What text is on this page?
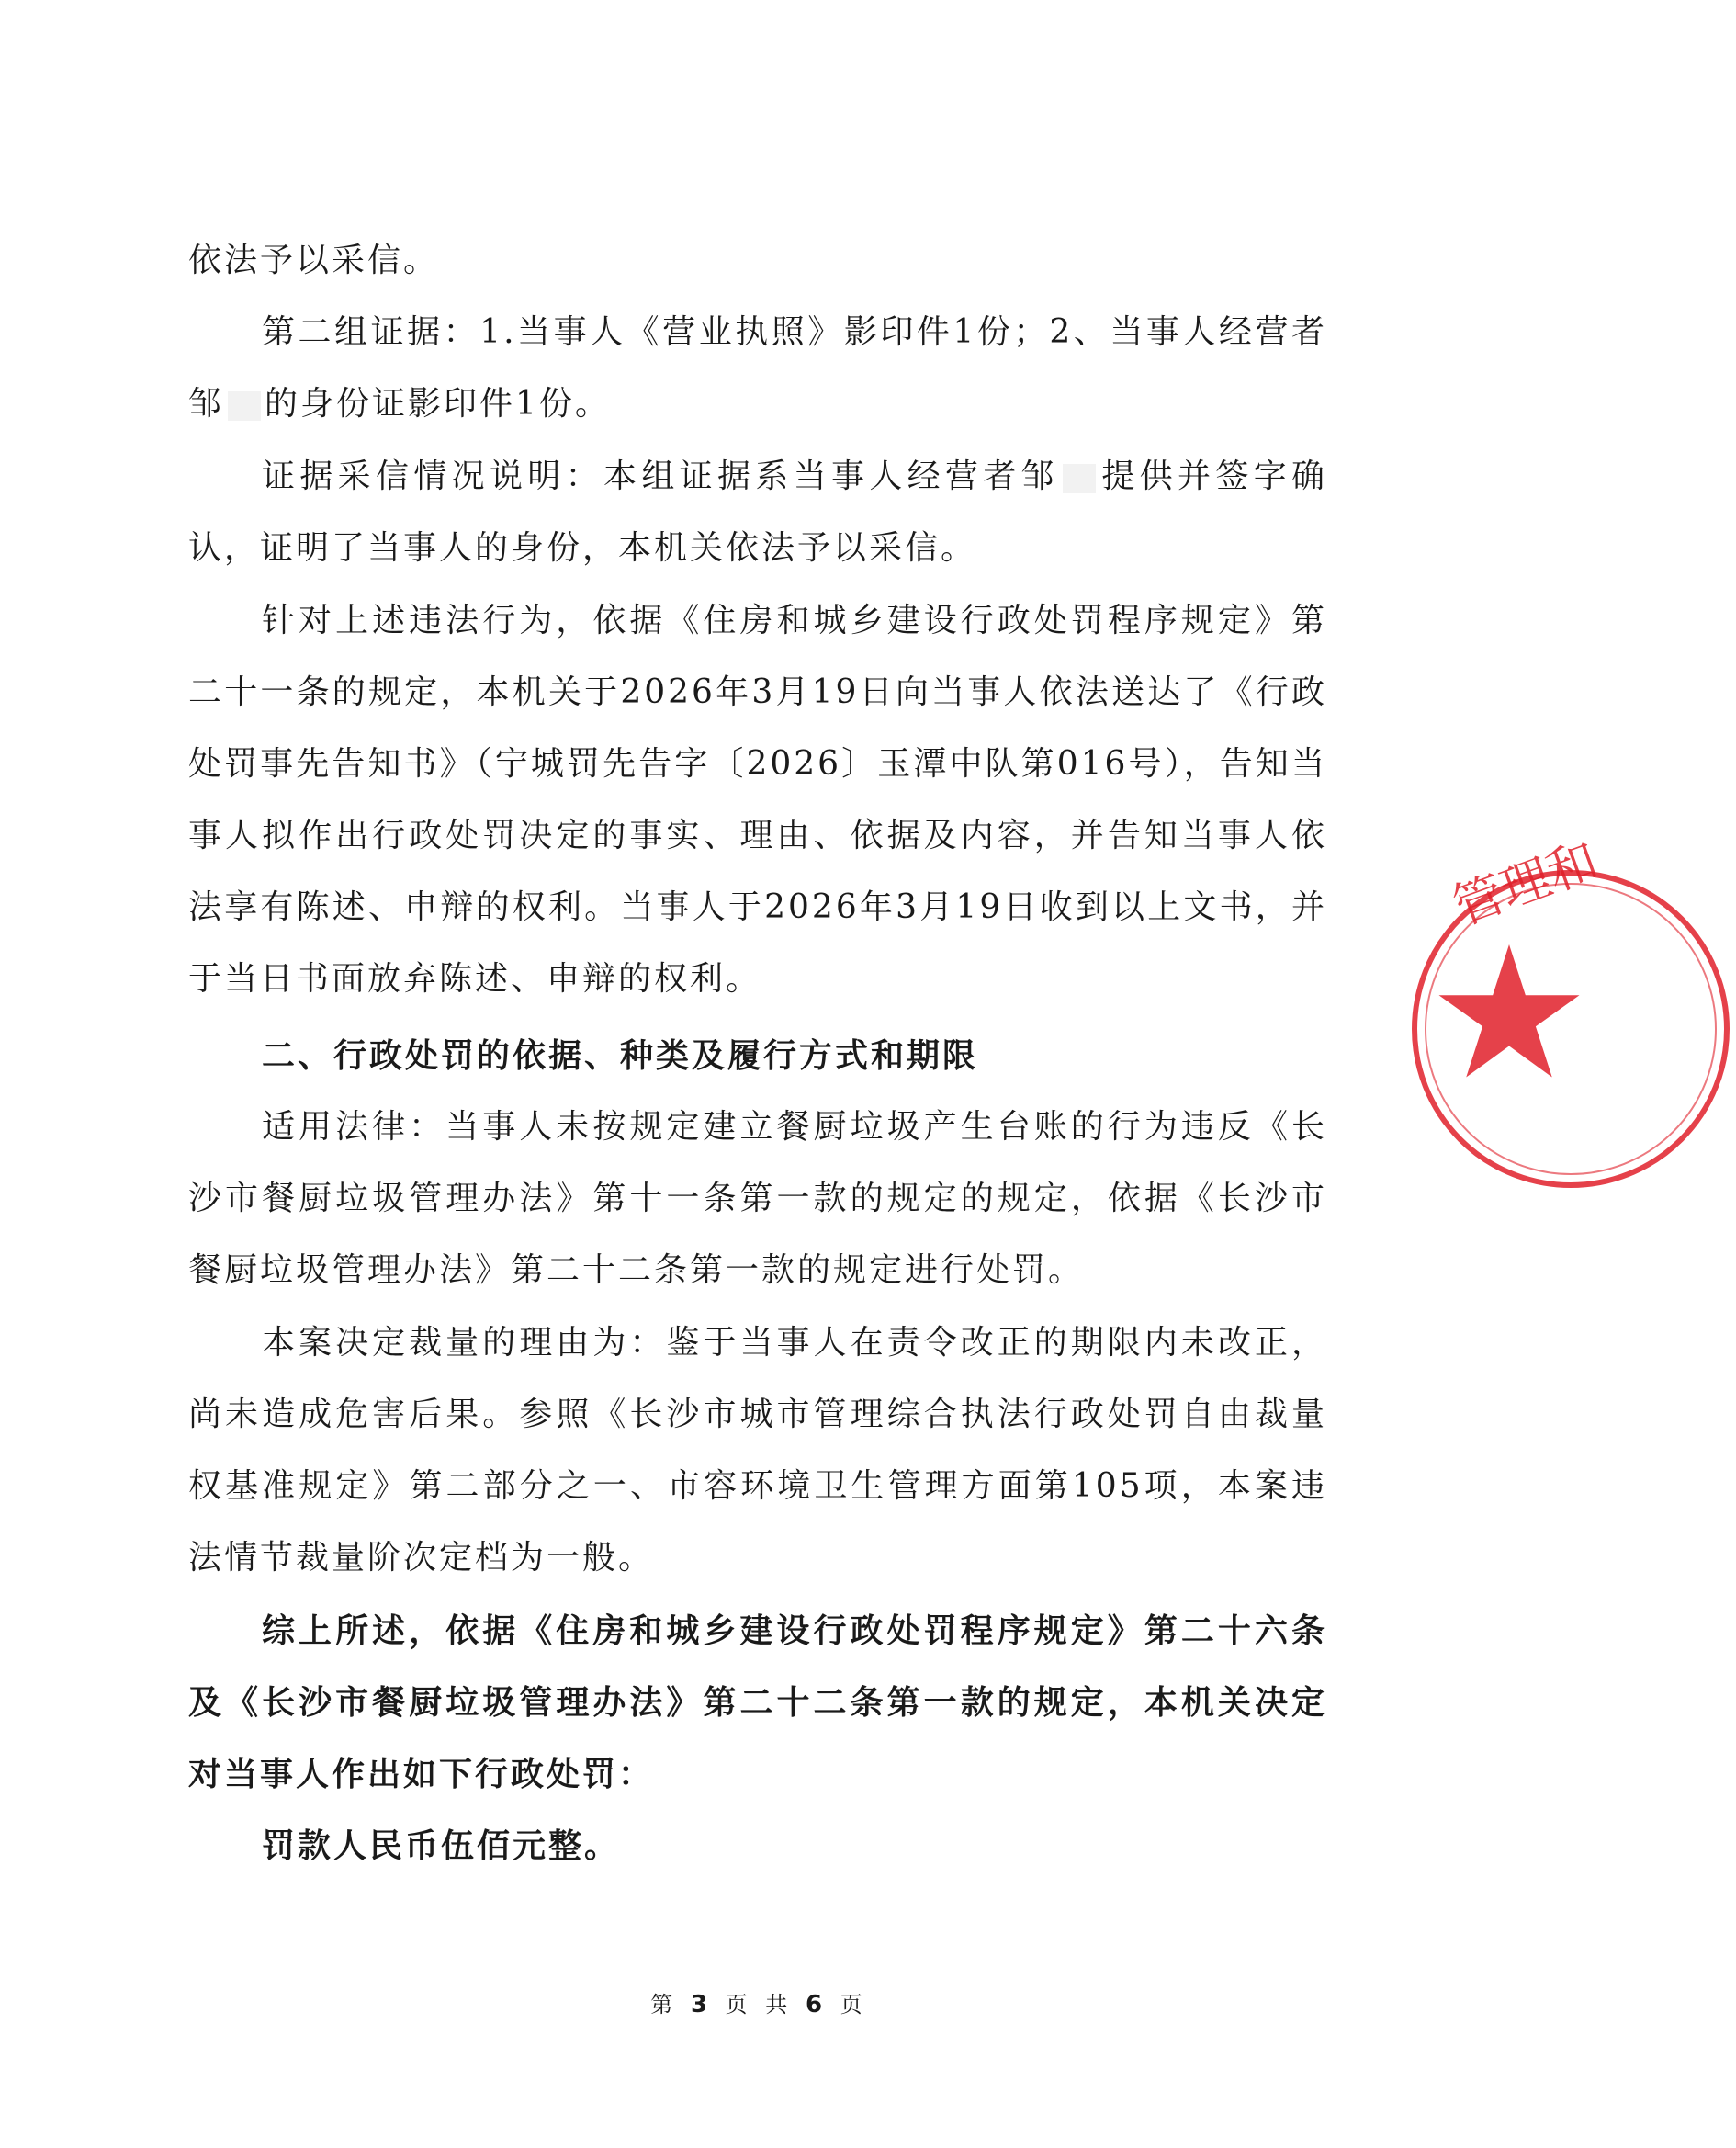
依法予以采信。

第二组证据：1.当事人《营业执照》影印件1份；2、当事人经营者邹 的身份证影印件1份。

证据采信情况说明：本组证据系当事人经营者邹 提供并签字确认，证明了当事人的身份，本机关依法予以采信。

针对上述违法行为，依据《住房和城乡建设行政处罚程序规定》第二十一条的规定，本机关于2026年3月19日向当事人依法送达了《行政处罚事先告知书》（宁城罚先告字〔2026〕玉潭中队第016号），告知当事人拟作出行政处罚决定的事实、理由、依据及内容，并告知当事人依法享有陈述、申辩的权利。当事人于2026年3月19日收到以上文书，并于当日书面放弃陈述、申辩的权利。

二、行政处罚的依据、种类及履行方式和期限

适用法律：当事人未按规定建立餐厨垃圾产生台账的行为违反《长沙市餐厨垃圾管理办法》第十一条第一款的规定的规定，依据《长沙市餐厨垃圾管理办法》第二十二条第一款的规定进行处罚。

本案决定裁量的理由为：鉴于当事人在责令改正的期限内未改正，尚未造成危害后果。参照《长沙市城市管理综合执法行政处罚自由裁量权基准规定》第二部分之一、市容环境卫生管理方面第105项，本案违法情节裁量阶次定档为一般。

综上所述，依据《住房和城乡建设行政处罚程序规定》第二十六条及《长沙市餐厨垃圾管理办法》第二十二条第一款的规定，本机关决定对当事人作出如下行政处罚：

罚款人民币伍佰元整。

第 3 页 共 6 页
管理和
